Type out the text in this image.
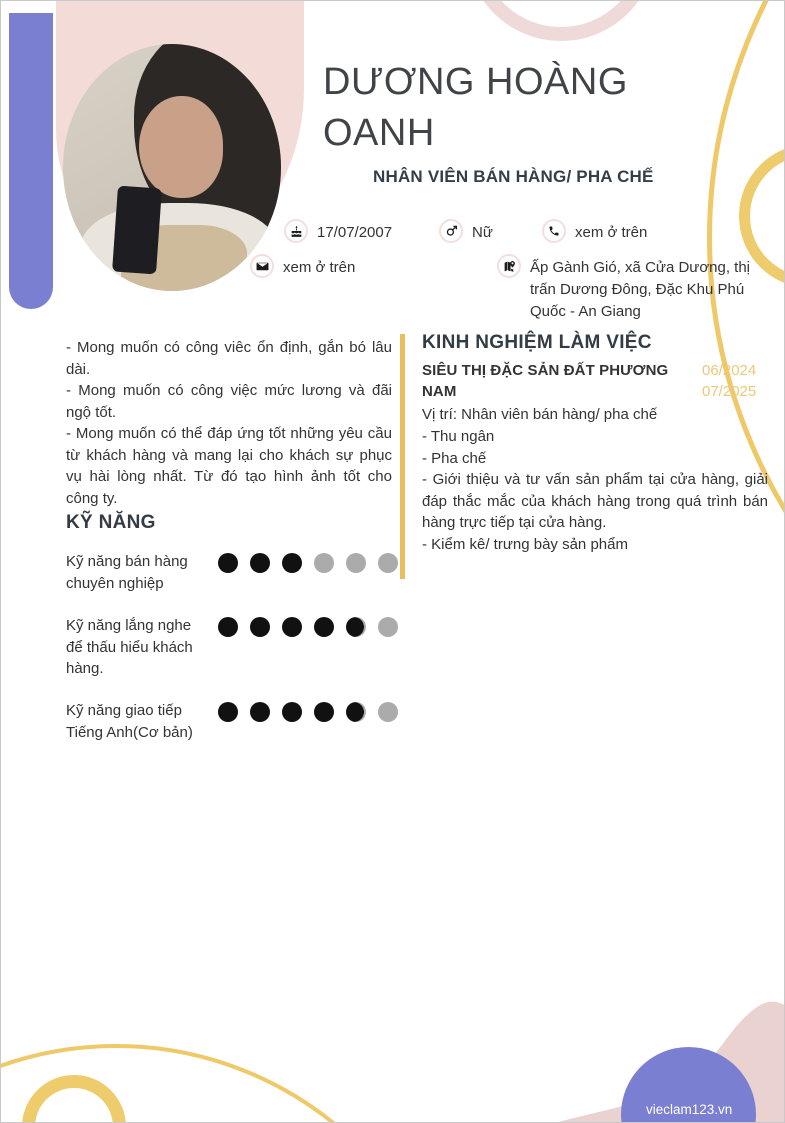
vieclam123.vn
DƯƠNG HOÀNG OANH
NHÂN VIÊN BÁN HÀNG/ PHA CHẾ
17/07/2007	Nữ	xem ở trên
xem ở trên	Ấp Gành Gió, xã Cửa Dương, thị trấn Dương Đông, Đặc Khu Phú Quốc - An Giang

- Mong muốn có công viêc ổn định, gắn bó lâu dài.

- Mong muốn có công việc mức lương và đãi ngộ tốt.

- Mong muốn có thể đáp ứng tốt những yêu cầu từ khách hàng và mang lại cho khách sự phục vụ hài lòng nhất. Từ đó tạo hình ảnh tốt cho công ty.

KỸ NĂNG
Kỹ năng bán hàng chuyên nghiệp
Kỹ năng lắng nghe để thấu hiểu khách hàng.
Kỹ năng giao tiếp Tiếng Anh(Cơ bản)
KINH NGHIỆM LÀM VIỆC
SIÊU THỊ ĐẶC SẢN ĐẤT PHƯƠNG NAM
06/2024
07/2025
Vị trí: Nhân viên bán hàng/ pha chế
- Thu ngân
- Pha chế
- Giới thiệu và tư vấn sản phẩm tại cửa hàng, giải đáp thắc mắc của khách hàng trong quá trình bán hàng trực tiếp tại cửa hàng.
- Kiểm kê/ trưng bày sản phẩm
